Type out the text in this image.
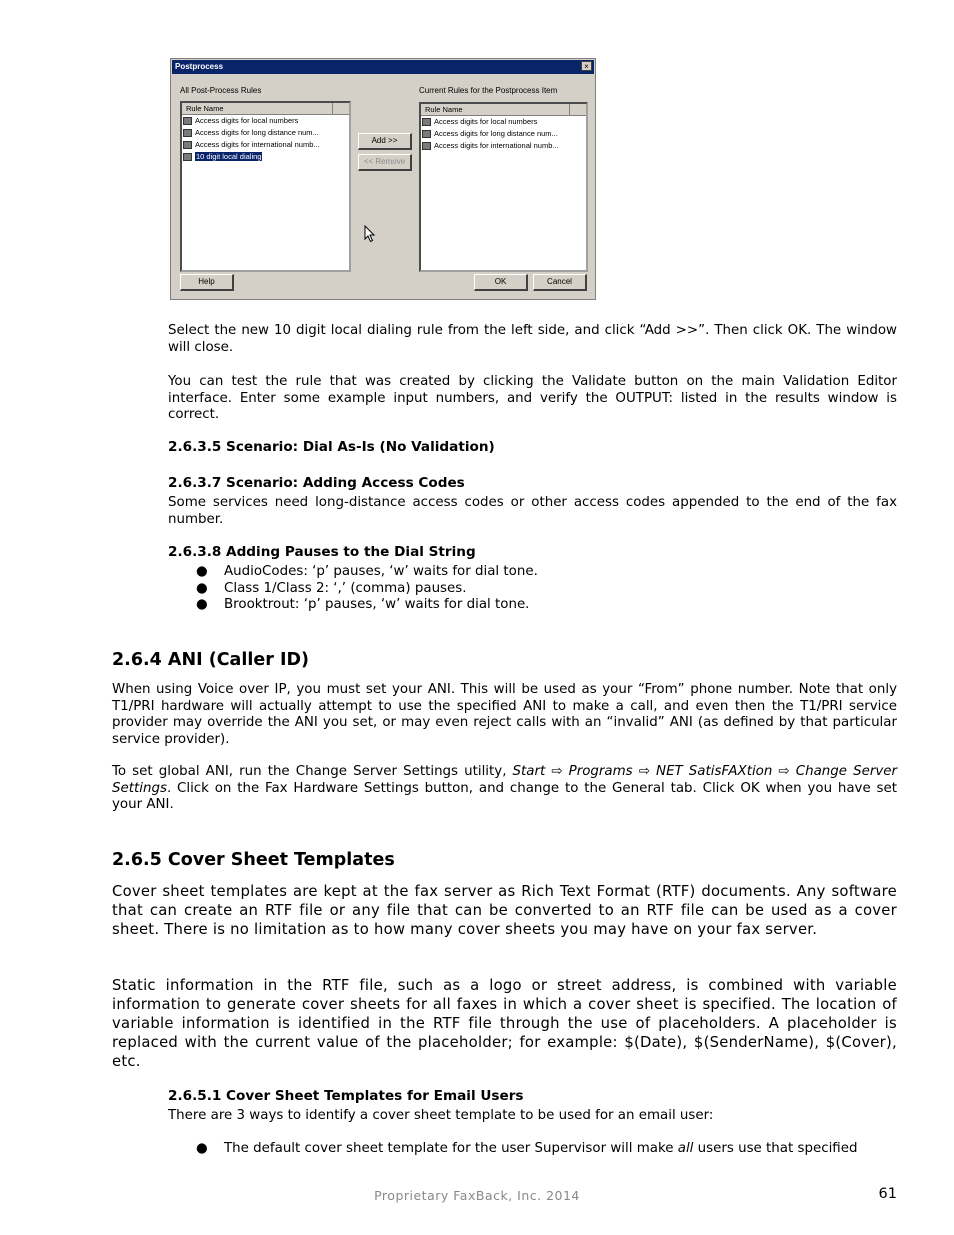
Postprocess	×
All Post-Process Rules	Current Rules for the Postprocess Item
Rule Name
Access digits for local numbers
Access digits for long distance num...
Access digits for international numb...
10 digit local dialing
Add >>
<< Remove
Rule Name
Access digits for local numbers
Access digits for long distance num...
Access digits for international numb...
Help	OK	Cancel

Select the new 10 digit local dialing rule from the left side, and click “Add >>”. Then click OK. The window will close.

You can test the rule that was created by clicking the Validate button on the main Validation Editor interface. Enter some example input numbers, and verify the OUTPUT: listed in the results window is correct.

2.6.3.5 Scenario: Dial As-Is (No Validation)
2.6.3.7 Scenario: Adding Access Codes

Some services need long-distance access codes or other access codes appended to the end of the fax number.

2.6.3.8 Adding Pauses to the Dial String
● AudioCodes: ‘p’ pauses, ‘w’ waits for dial tone.
● Class 1/Class 2: ‘,’ (comma) pauses.
● Brooktrout: ‘p’ pauses, ‘w’ waits for dial tone.
2.6.4 ANI (Caller ID)

When using Voice over IP, you must set your ANI. This will be used as your “From” phone number. Note that only T1/PRI hardware will actually attempt to use the specified ANI to make a call, and even then the T1/PRI service provider may override the ANI you set, or may even reject calls with an “invalid” ANI (as defined by that particular service provider).

To set global ANI, run the Change Server Settings utility, Start ⇨ Programs ⇨ NET SatisFAXtion ⇨ Change Server Settings. Click on the Fax Hardware Settings button, and change to the General tab. Click OK when you have set your ANI.

2.6.5 Cover Sheet Templates

Cover sheet templates are kept at the fax server as Rich Text Format (RTF) documents. Any software that can create an RTF file or any file that can be converted to an RTF file can be used as a cover sheet. There is no limitation as to how many cover sheets you may have on your fax server.

Static information in the RTF file, such as a logo or street address, is combined with variable information to generate cover sheets for all faxes in which a cover sheet is specified. The location of variable information is identified in the RTF file through the use of placeholders. A placeholder is replaced with the current value of the placeholder; for example: $(Date), $(SenderName), $(Cover), etc.

2.6.5.1 Cover Sheet Templates for Email Users

There are 3 ways to identify a cover sheet template to be used for an email user:

● The default cover sheet template for the user Supervisor will make all users use that specified
Proprietary FaxBack, Inc. 2014	61
